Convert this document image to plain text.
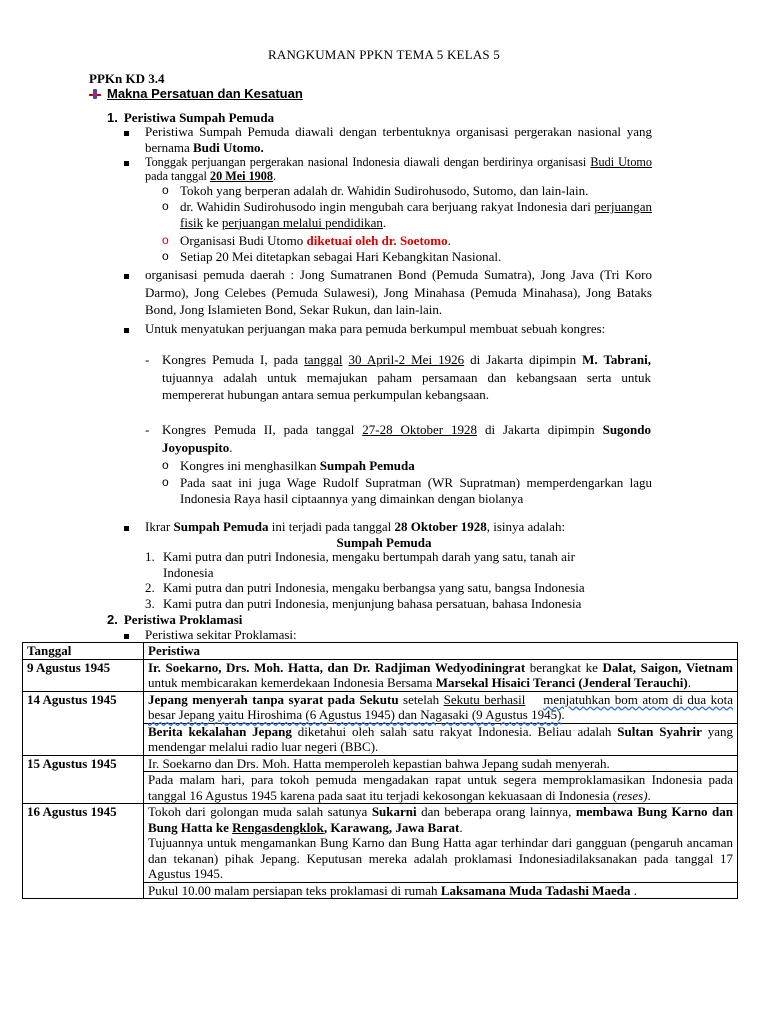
RANGKUMAN PPKN TEMA 5 KELAS 5
PPKn KD 3.4
Makna Persatuan dan Kesatuan
1. Peristiwa Sumpah Pemuda
Peristiwa Sumpah Pemuda diawali dengan terbentuknya organisasi pergerakan nasional yang bernama Budi Utomo.
Tonggak perjuangan pergerakan nasional Indonesia diawali dengan berdirinya organisasi Budi Utomo pada tanggal 20 Mei 1908.
o Tokoh yang berperan adalah dr. Wahidin Sudirohusodo, Sutomo, dan lain-lain.
o dr. Wahidin Sudirohusodo ingin mengubah cara berjuang rakyat Indonesia dari perjuangan fisik ke perjuangan melalui pendidikan.
o Organisasi Budi Utomo diketuai oleh dr. Soetomo.
o Setiap 20 Mei ditetapkan sebagai Hari Kebangkitan Nasional.
organisasi pemuda daerah : Jong Sumatranen Bond (Pemuda Sumatra), Jong Java (Tri Koro Darmo), Jong Celebes (Pemuda Sulawesi), Jong Minahasa (Pemuda Minahasa), Jong Bataks Bond, Jong Islamieten Bond, Sekar Rukun, dan lain-lain.
Untuk menyatukan perjuangan maka para pemuda berkumpul membuat sebuah kongres:
- Kongres Pemuda I, pada tanggal 30 April-2 Mei 1926 di Jakarta dipimpin M. Tabrani, tujuannya adalah untuk memajukan paham persamaan dan kebangsaan serta untuk mempererat hubungan antara semua perkumpulan kebangsaan.
- Kongres Pemuda II, pada tanggal 27-28 Oktober 1928 di Jakarta dipimpin Sugondo Joyopuspito.
o Kongres ini menghasilkan Sumpah Pemuda
o Pada saat ini juga Wage Rudolf Supratman (WR Supratman) memperdengarkan lagu Indonesia Raya hasil ciptaannya yang dimainkan dengan biolanya
Ikrar Sumpah Pemuda ini terjadi pada tanggal 28 Oktober 1928, isinya adalah:
Sumpah Pemuda
1. Kami putra dan putri Indonesia, mengaku bertumpah darah yang satu, tanah air Indonesia
2. Kami putra dan putri Indonesia, mengaku berbangsa yang satu, bangsa Indonesia
3. Kami putra dan putri Indonesia, menjunjung bahasa persatuan, bahasa Indonesia
2. Peristiwa Proklamasi
Peristiwa sekitar Proklamasi:
Tanggal	Peristiwa
9 Agustus 1945	Ir. Soekarno, Drs. Moh. Hatta, dan Dr. Radjiman Wedyodiningrat berangkat ke Dalat, Saigon, Vietnam untuk membicarakan kemerdekaan Indonesia Bersama Marsekal Hisaici Teranci (Jenderal Terauchi).
14 Agustus 1945	Jepang menyerah tanpa syarat pada Sekutu setelah Sekutu berhasil menjatuhkan bom atom di dua kota besar Jepang yaitu Hiroshima (6 Agustus 1945) dan Nagasaki (9 Agustus 1945).
	Berita kekalahan Jepang diketahui oleh salah satu rakyat Indonesia. Beliau adalah Sultan Syahrir yang mendengar melalui radio luar negeri (BBC).
15 Agustus 1945	Ir. Soekarno dan Drs. Moh. Hatta memperoleh kepastian bahwa Jepang sudah menyerah.
	Pada malam hari, para tokoh pemuda mengadakan rapat untuk segera memproklamasikan Indonesia pada tanggal 16 Agustus 1945 karena pada saat itu terjadi kekosongan kekuasaan di Indonesia (reses).
16 Agustus 1945	Tokoh dari golongan muda salah satunya Sukarni dan beberapa orang lainnya, membawa Bung Karno dan Bung Hatta ke Rengasdengklok, Karawang, Jawa Barat.
Tujuannya untuk mengamankan Bung Karno dan Bung Hatta agar terhindar dari gangguan (pengaruh ancaman dan tekanan) pihak Jepang. Keputusan mereka adalah proklamasi Indonesiadilaksanakan pada tanggal 17 Agustus 1945.
	Pukul 10.00 malam persiapan teks proklamasi di rumah Laksamana Muda Tadashi Maeda .
